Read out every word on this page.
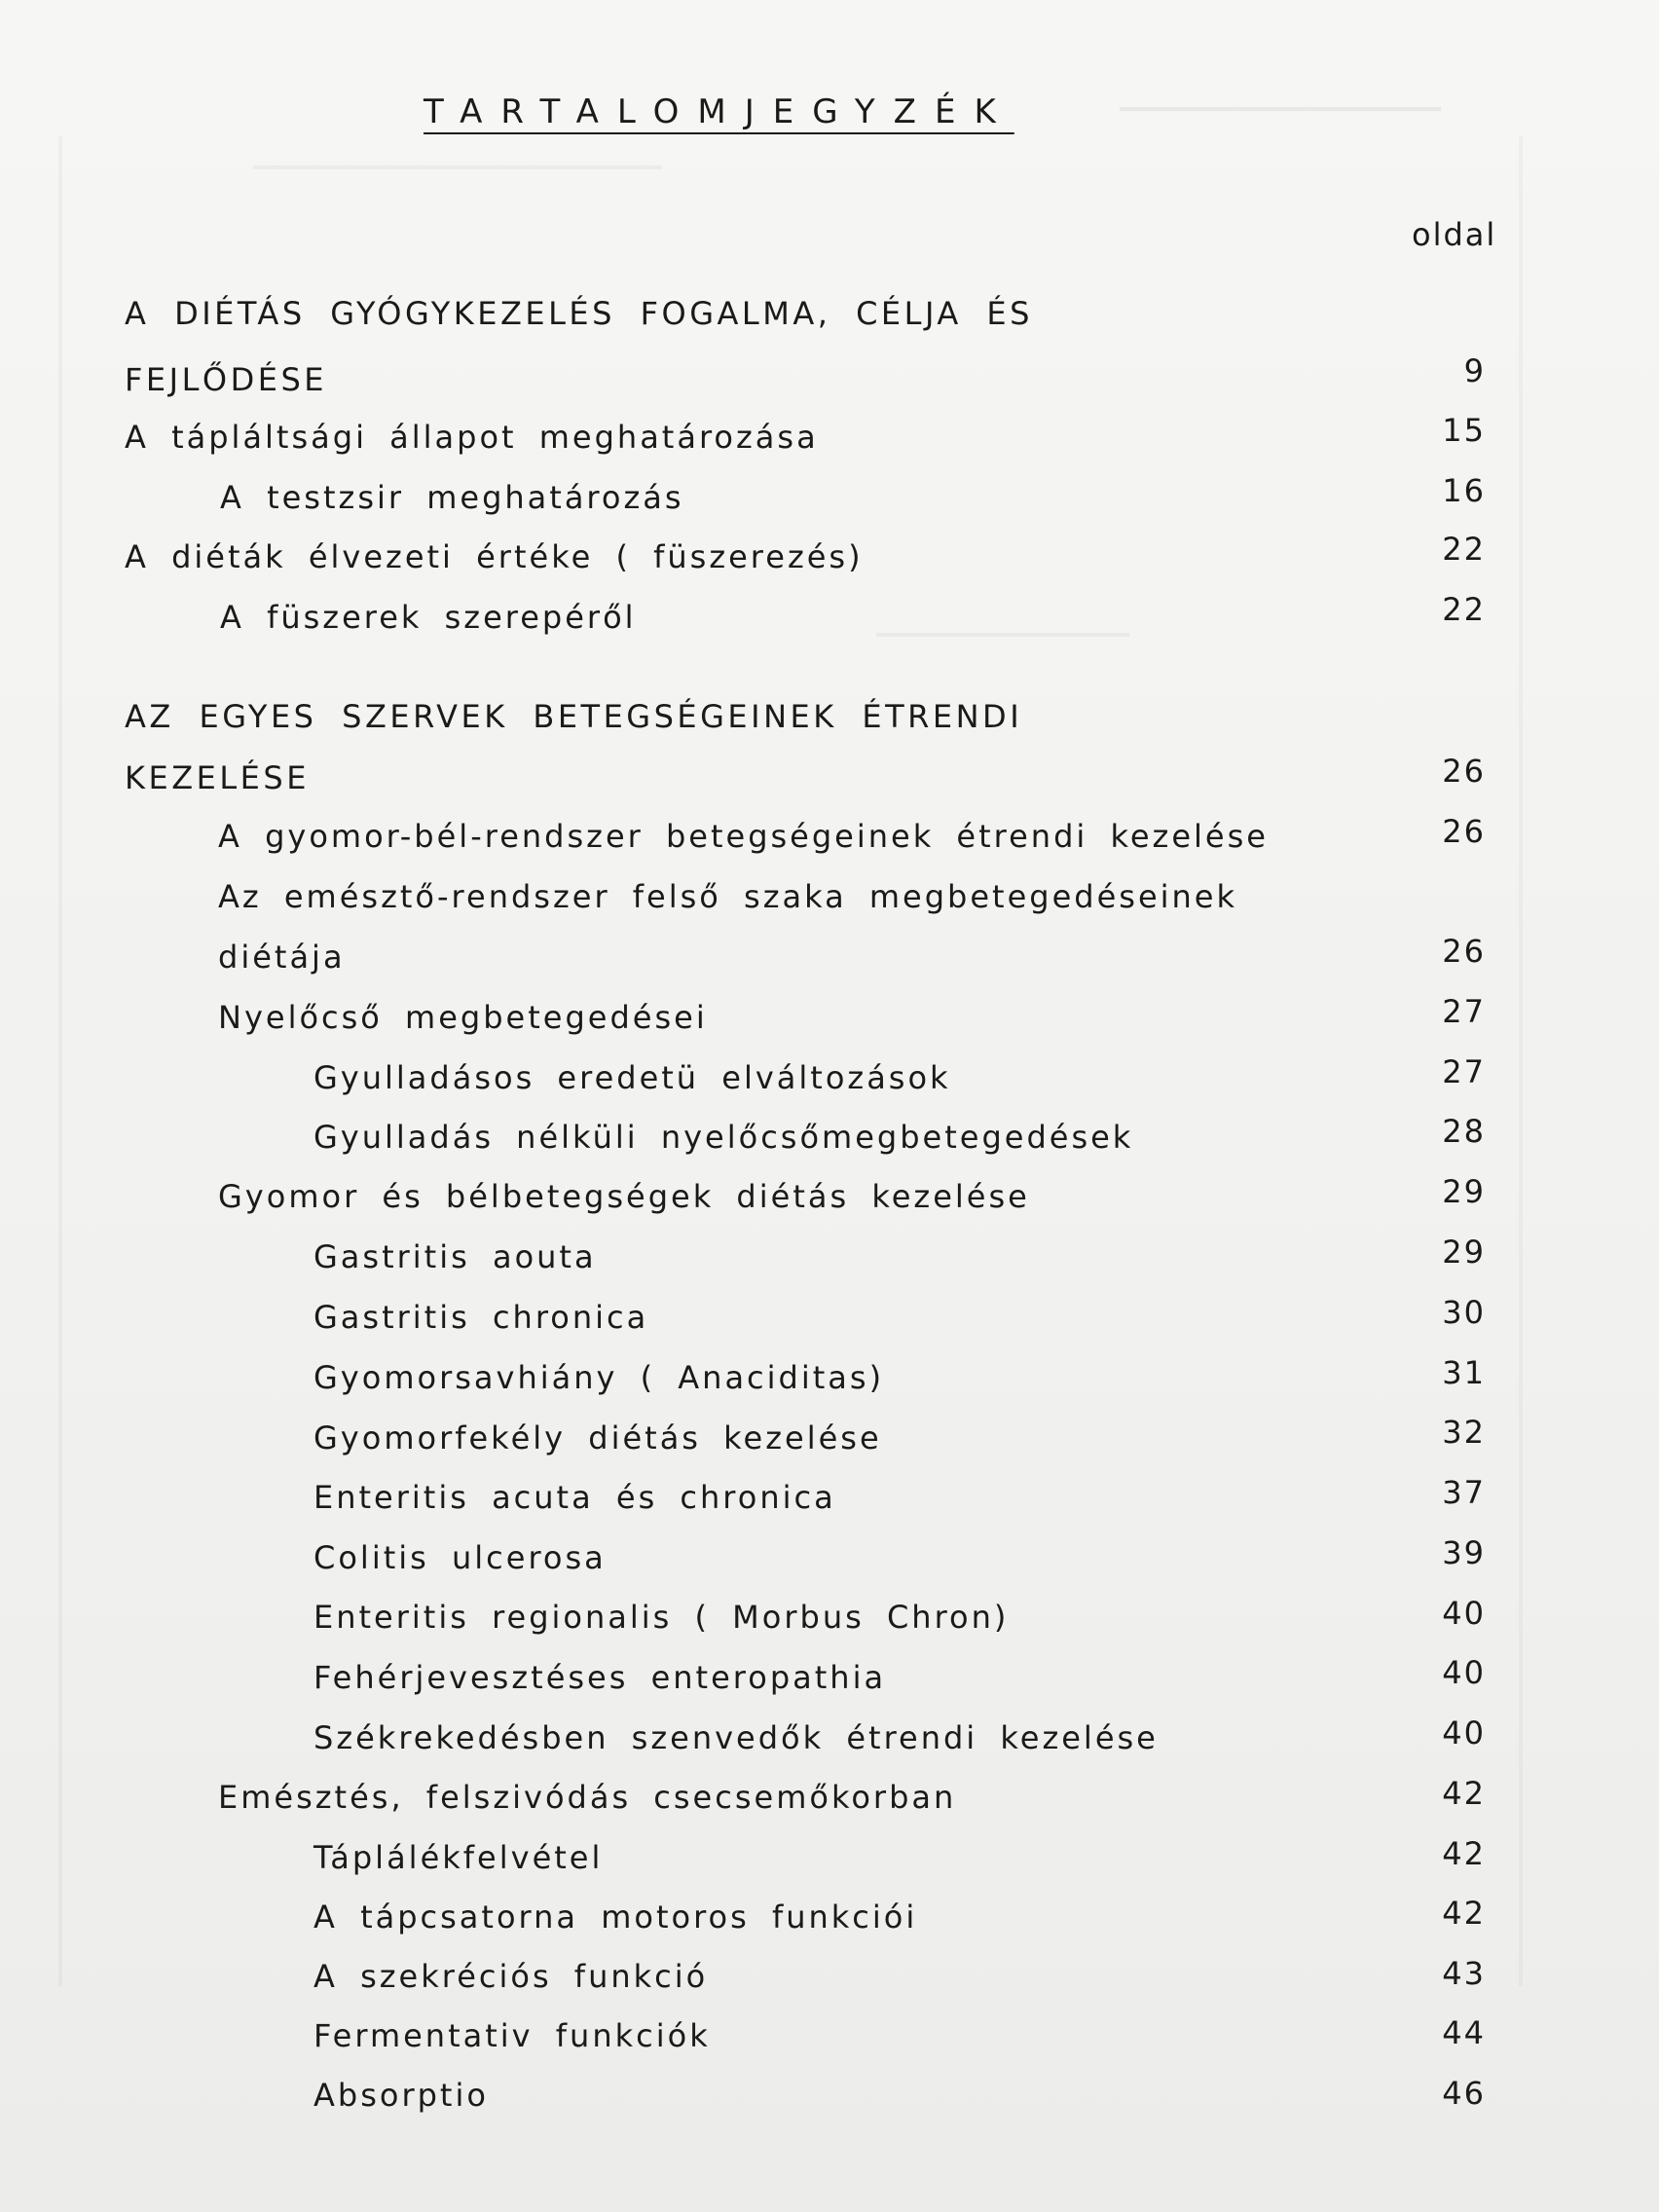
TARTALOMJEGYZÉK
oldal
A DIÉTÁS GYÓGYKEZELÉS FOGALMA, CÉLJA ÉS
FEJLŐDÉSE	9
A tápláltsági állapot meghatározása	15
A testzsir meghatározás	16
A diéták élvezeti értéke ( füszerezés)	22
A füszerek szerepéről	22
AZ EGYES SZERVEK BETEGSÉGEINEK ÉTRENDI
KEZELÉSE	26
A gyomor-bél-rendszer betegségeinek étrendi kezelése	26
Az emésztő-rendszer felső szaka megbetegedéseinek
diétája	26
Nyelőcső megbetegedései	27
Gyulladásos eredetü elváltozások	27
Gyulladás nélküli nyelőcsőmegbetegedések	28
Gyomor és bélbetegségek diétás kezelése	29
Gastritis aouta	29
Gastritis chronica	30
Gyomorsavhiány ( Anaciditas)	31
Gyomorfekély diétás kezelése	32
Enteritis acuta és chronica	37
Colitis ulcerosa	39
Enteritis regionalis ( Morbus Chron)	40
Fehérjevesztéses enteropathia	40
Székrekedésben szenvedők étrendi kezelése	40
Emésztés, felszivódás csecsemőkorban	42
Táplálékfelvétel	42
A tápcsatorna motoros funkciói	42
A szekréciós funkció	43
Fermentativ funkciók	44
Absorptio	46
